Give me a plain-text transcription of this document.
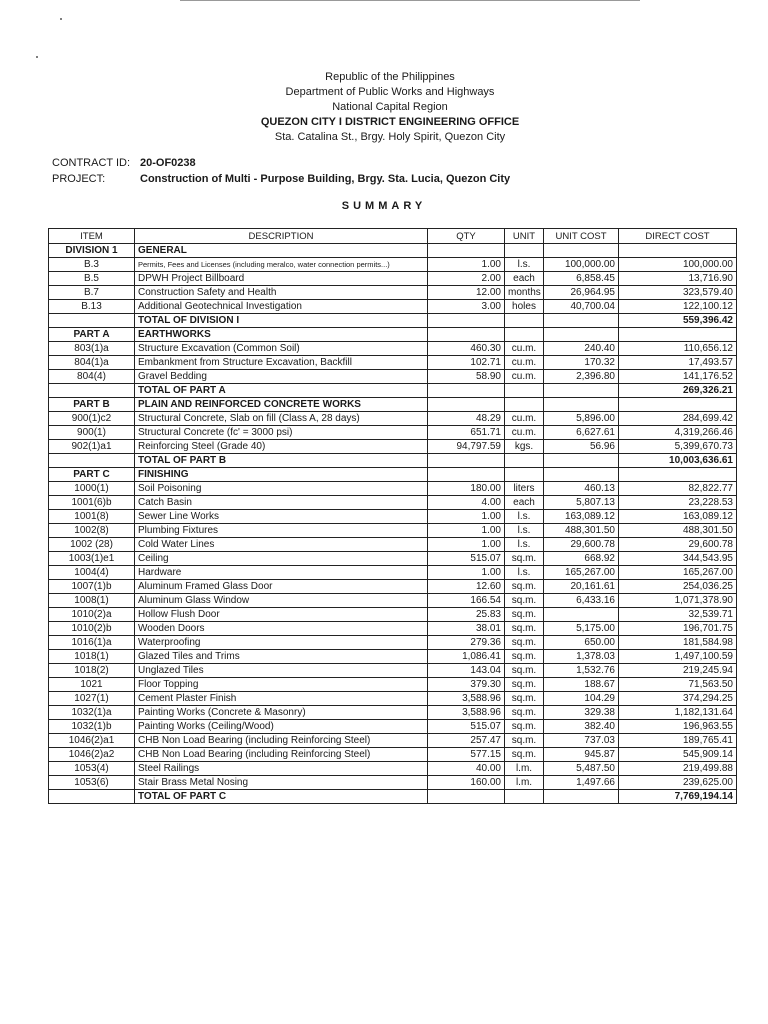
Republic of the Philippines
Department of Public Works and Highways
National Capital Region
QUEZON CITY I DISTRICT ENGINEERING OFFICE
Sta. Catalina St., Brgy. Holy Spirit, Quezon City
CONTRACT ID: 20-OF0238
PROJECT:	Construction of Multi - Purpose Building, Brgy. Sta. Lucia, Quezon City
SUMMARY
ITEM	DESCRIPTION	QTY	UNIT	UNIT COST	DIRECT COST
DIVISION 1	GENERAL				
B.3	Permits, Fees and Licenses (including meralco, water connection permits...)	1.00	l.s.	100,000.00	100,000.00
B.5	DPWH Project Billboard	2.00	each	6,858.45	13,716.90
B.7	Construction Safety and Health	12.00	months	26,964.95	323,579.40
B.13	Additional Geotechnical Investigation	3.00	holes	40,700.04	122,100.12
	TOTAL OF DIVISION I				559,396.42
PART A	EARTHWORKS				
803(1)a	Structure Excavation (Common Soil)	460.30	cu.m.	240.40	110,656.12
804(1)a	Embankment from Structure Excavation, Backfill	102.71	cu.m.	170.32	17,493.57
804(4)	Gravel Bedding	58.90	cu.m.	2,396.80	141,176.52
	TOTAL OF PART A				269,326.21
PART B	PLAIN AND REINFORCED CONCRETE WORKS				
900(1)c2	Structural Concrete, Slab on fill (Class A, 28 days)	48.29	cu.m.	5,896.00	284,699.42
900(1)	Structural Concrete (fc' = 3000 psi)	651.71	cu.m.	6,627.61	4,319,266.46
902(1)a1	Reinforcing Steel (Grade 40)	94,797.59	kgs.	56.96	5,399,670.73
	TOTAL OF PART B				10,003,636.61
PART C	FINISHING				
1000(1)	Soil Poisoning	180.00	liters	460.13	82,822.77
1001(6)b	Catch Basin	4.00	each	5,807.13	23,228.53
1001(8)	Sewer Line Works	1.00	l.s.	163,089.12	163,089.12
1002(8)	Plumbing Fixtures	1.00	l.s.	488,301.50	488,301.50
1002 (28)	Cold Water Lines	1.00	l.s.	29,600.78	29,600.78
1003(1)e1	Ceiling	515.07	sq.m.	668.92	344,543.95
1004(4)	Hardware	1.00	l.s.	165,267.00	165,267.00
1007(1)b	Aluminum Framed Glass Door	12.60	sq.m.	20,161.61	254,036.25
1008(1)	Aluminum Glass Window	166.54	sq.m.	6,433.16	1,071,378.90
1010(2)a	Hollow Flush Door	25.83	sq.m.		32,539.71
1010(2)b	Wooden Doors	38.01	sq.m.	5,175.00	196,701.75
1016(1)a	Waterproofing	279.36	sq.m.	650.00	181,584.98
1018(1)	Glazed Tiles and Trims	1,086.41	sq.m.	1,378.03	1,497,100.59
1018(2)	Unglazed Tiles	143.04	sq.m.	1,532.76	219,245.94
1021	Floor Topping	379.30	sq.m.	188.67	71,563.50
1027(1)	Cement Plaster Finish	3,588.96	sq.m.	104.29	374,294.25
1032(1)a	Painting Works (Concrete & Masonry)	3,588.96	sq.m.	329.38	1,182,131.64
1032(1)b	Painting Works (Ceiling/Wood)	515.07	sq.m.	382.40	196,963.55
1046(2)a1	CHB Non Load Bearing (including Reinforcing Steel)	257.47	sq.m.	737.03	189,765.41
1046(2)a2	CHB Non Load Bearing (including Reinforcing Steel)	577.15	sq.m.	945.87	545,909.14
1053(4)	Steel Railings	40.00	l.m.	5,487.50	219,499.88
1053(6)	Stair Brass Metal Nosing	160.00	l.m.	1,497.66	239,625.00
	TOTAL OF PART C				7,769,194.14
